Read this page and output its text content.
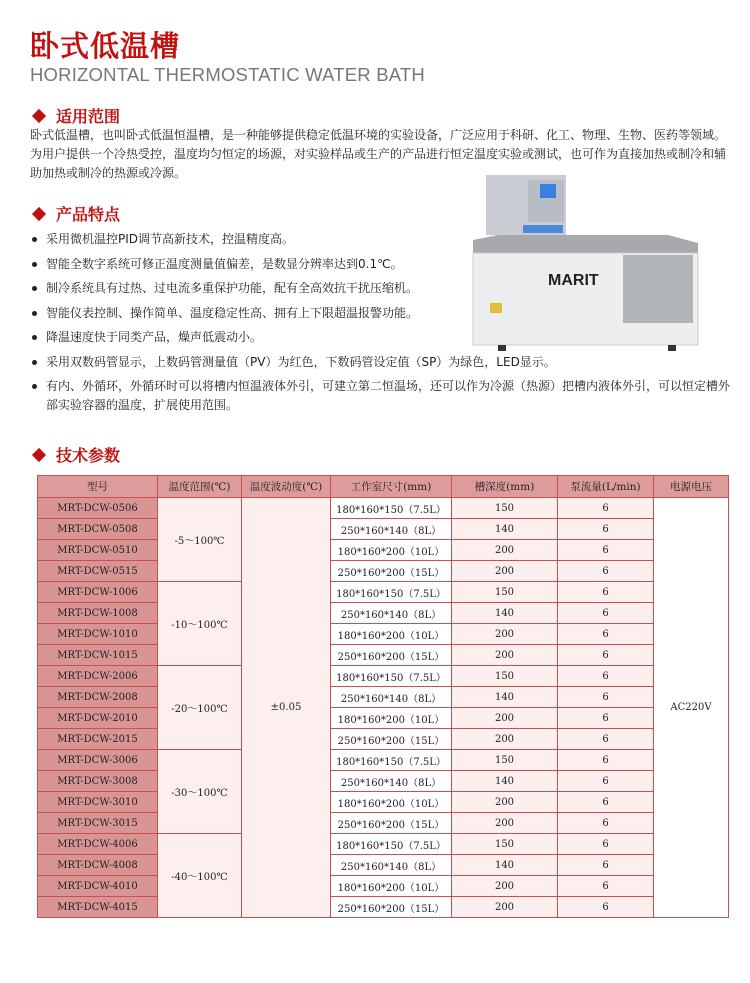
卧式低温槽
HORIZONTAL THERMOSTATIC WATER BATH
适用范围
卧式低温槽，也叫卧式低温恒温槽，是一种能够提供稳定低温环境的实验设备，广泛应用于科研、化工、物理、生物、医药等领域。为用户提供一个冷热受控，温度均匀恒定的场源，对实验样品或生产的产品进行恒定温度实验或测试，也可作为直接加热或制冷和辅助加热或制冷的热源或冷源。
产品特点
采用微机温控PID调节高新技术，控温精度高。
智能全数字系统可修正温度测量值偏差，是数显分辨率达到0.1℃。
制冷系统具有过热、过电流多重保护功能，配有全高效抗干扰压缩机。
智能仪表控制、操作简单、温度稳定性高、拥有上下限超温报警功能。
降温速度快于同类产品，燥声低震动小。
采用双数码管显示，上数码管测量值（PV）为红色，下数码管设定值（SP）为绿色，LED显示。
有内、外循环，外循环时可以将槽内恒温液体外引，可建立第二恒温场，还可以作为冷源（热源）把槽内液体外引，可以恒定槽外部实验容器的温度，扩展使用范围。
MARIT
技术参数
型号	温度范围(℃)	温度波动度(℃)	工作室尺寸(mm)	槽深度(mm)	泵流量(L/min)	电源电压
MRT-DCW-0506	-5～100℃	±0.05	180*160*150（7.5L）	150	6	AC220V
MRT-DCW-0508			250*160*140（8L）	140	6	
MRT-DCW-0510			180*160*200（10L）	200	6	
MRT-DCW-0515			250*160*200（15L）	200	6	
MRT-DCW-1006	-10～100℃		180*160*150（7.5L）	150	6	
MRT-DCW-1008			250*160*140（8L）	140	6	
MRT-DCW-1010			180*160*200（10L）	200	6	
MRT-DCW-1015			250*160*200（15L）	200	6	
MRT-DCW-2006	-20～100℃		180*160*150（7.5L）	150	6	
MRT-DCW-2008			250*160*140（8L）	140	6	
MRT-DCW-2010			180*160*200（10L）	200	6	
MRT-DCW-2015			250*160*200（15L）	200	6	
MRT-DCW-3006	-30～100℃		180*160*150（7.5L）	150	6	
MRT-DCW-3008			250*160*140（8L）	140	6	
MRT-DCW-3010			180*160*200（10L）	200	6	
MRT-DCW-3015			250*160*200（15L）	200	6	
MRT-DCW-4006	-40～100℃		180*160*150（7.5L）	150	6	
MRT-DCW-4008			250*160*140（8L）	140	6	
MRT-DCW-4010			180*160*200（10L）	200	6	
MRT-DCW-4015			250*160*200（15L）	200	6	
